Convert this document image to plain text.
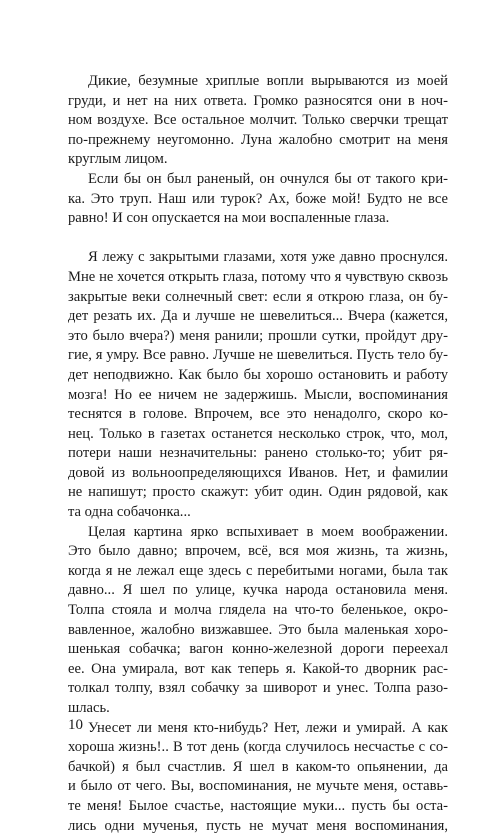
Дикие, безумные хриплые вопли вырываются из моей
груди, и нет на них ответа. Громко разносятся они в ноч-
ном воздухе. Все остальное молчит. Только сверчки трещат
по-прежнему неугомонно. Луна жалобно смотрит на меня
круглым лицом.

Если бы он был раненый, он очнулся бы от такого кри-
ка. Это труп. Наш или турок? Ах, боже мой! Будто не все
равно! И сон опускается на мои воспаленные глаза.

Я лежу с закрытыми глазами, хотя уже давно проснулся.
Мне не хочется открыть глаза, потому что я чувствую сквозь
закрытые веки солнечный свет: если я открою глаза, он бу-
дет резать их. Да и лучше не шевелиться... Вчера (кажется,
это было вчера?) меня ранили; прошли сутки, пройдут дру-
гие, я умру. Все равно. Лучше не шевелиться. Пусть тело бу-
дет неподвижно. Как было бы хорошо остановить и работу
мозга! Но ее ничем не задержишь. Мысли, воспоминания
теснятся в голове. Впрочем, все это ненадолго, скоро ко-
нец. Только в газетах останется несколько строк, что, мол,
потери наши незначительны: ранено столько-то; убит ря-
довой из вольноопределяющихся Иванов. Нет, и фамилии
не напишут; просто скажут: убит один. Один рядовой, как
та одна собачонка...

Целая картина ярко вспыхивает в моем воображении.
Это было давно; впрочем, всё, вся моя жизнь, та жизнь,
когда я не лежал еще здесь с перебитыми ногами, была так
давно... Я шел по улице, кучка народа остановила меня.
Толпа стояла и молча глядела на что-то беленькое, окро-
вавленное, жалобно визжавшее. Это была маленькая хоро-
шенькая собачка; вагон конно-железной дороги переехал
ее. Она умирала, вот как теперь я. Какой-то дворник рас-
толкал толпу, взял собачку за шиворот и унес. Толпа разо-
шлась.

Унесет ли меня кто-нибудь? Нет, лежи и умирай. А как
хороша жизнь!.. В тот день (когда случилось несчастье с со-
бачкой) я был счастлив. Я шел в каком-то опьянении, да
и было от чего. Вы, воспоминания, не мучьте меня, оставь-
те меня! Былое счастье, настоящие муки... пусть бы оста-
лись одни мученья, пусть не мучат меня воспоминания,

10
